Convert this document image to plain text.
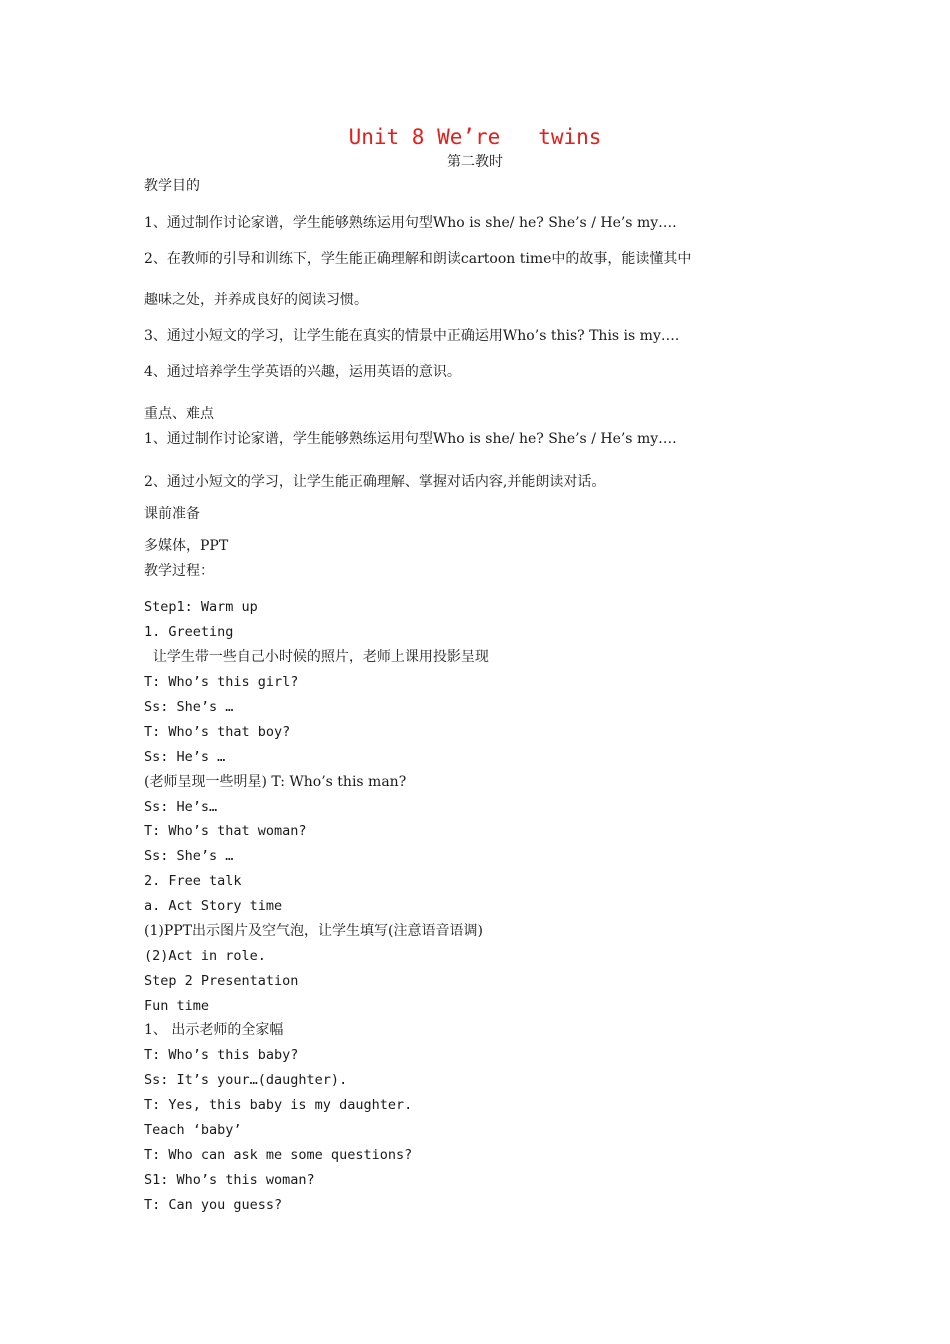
Unit 8 We’re   twins
第二教时
教学目的
1、通过制作讨论家谱，学生能够熟练运用句型Who is she/ he? She’s / He’s my….
2、在教师的引导和训练下，学生能正确理解和朗读cartoon time中的故事，能读懂其中
趣味之处，并养成良好的阅读习惯。
3、通过小短文的学习，让学生能在真实的情景中正确运用Who’s this? This is my….
4、通过培养学生学英语的兴趣，运用英语的意识。
重点、难点
1、通过制作讨论家谱，学生能够熟练运用句型Who is she/ he? She’s / He’s my….
2、通过小短文的学习，让学生能正确理解、掌握对话内容,并能朗读对话。
课前准备
多媒体，PPT
教学过程：
Step1: Warm up
1. Greeting
让学生带一些自己小时候的照片，老师上课用投影呈现
T: Who’s this girl?
Ss: She’s …
T: Who’s that boy?
Ss: He’s …
(老师呈现一些明星) T: Who’s this man?
Ss: He’s…
T: Who’s that woman?
Ss: She’s …
2. Free talk
a. Act Story time
(1)PPT出示图片及空气泡，让学生填写(注意语音语调)
(2)Act in role.
Step 2 Presentation
Fun time
1、 出示老师的全家幅
T: Who’s this baby?
Ss: It’s your…(daughter).
T: Yes, this baby is my daughter.
Teach ‘baby’
T: Who can ask me some questions?
S1: Who’s this woman?
T: Can you guess?
